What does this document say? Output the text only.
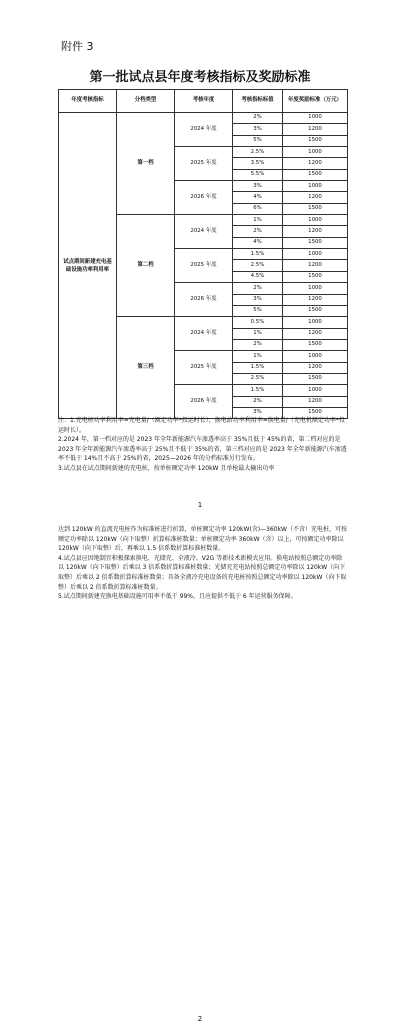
附件 3
第一批试点县年度考核指标及奖励标准
年度考核指标	分档类型	考核年度	考核指标标值	年度奖励标准（万元）
试点期间新建充电基础设施功率利用率	第一档	2024 年度	2%	1000
			3%	1200
			5%	1500
		2025 年度	2.5%	1000
			3.5%	1200
			5.5%	1500
		2026 年度	3%	1000
			4%	1200
			6%	1500
	第二档	2024 年度	1%	1000
			2%	1200
			4%	1500
		2025 年度	1.5%	1000
			2.5%	1200
			4.5%	1500
		2026 年度	2%	1000
			3%	1200
			5%	1500
	第三档	2024 年度	0.5%	1000
			1%	1200
			2%	1500
		2025 年度	1%	1000
			1.5%	1200
			2.5%	1500
		2026 年度	1.5%	1000
			2%	1200
			3%	1500

注：1.充电桩功率利用率=充电量/（额定功率*投运时长），换电站功率利用率=换电量/（充电机额定功率*投运时长）。

2.2024 年，第一档对应的是 2023 年全年新能源汽车渗透率高于 35%且低于 45%的省，第二档对应的是 2023 年全年新能源汽车渗透率高于 25%且不低于 35%的省，第三档对应的是 2023 年全年新能源汽车渗透率不低于 14%且不高于 25%的省，2025—2026 年的分档标准另行发布。

3.试点县在试点期间新建的充电桩，按单桩额定功率 120kW 且单枪最大输出功率

1

达到 120kW 的直流充电桩作为标准桩进行折算，单桩额定功率 120kW(含)—360kW（不含）充电桩，可按额定功率除以 120kW（向下取整）折算标准桩数量；单桩额定功率 360kW（含）以上，可按额定功率除以 120kW（向下取整）后，再乘以 1.5 倍系数折算标准桩数量。

4.试点县应因地制宜积极探索换电、光储充、全液冷、V2G 等新技术新模式应用。换电站按照总额定功率除以 120kW（向下取整）后乘以 3 倍系数折算标准桩数量；光储充充电站按照总额定功率除以 120kW（向下取整）后乘以 2 倍系数折算标准桩数量；具备全液冷充电设备的充电桩按照总额定功率除以 120kW（向下取整）后乘以 2 倍系数折算标准桩数量。

5.试点期间新建充换电基础设施可用率不低于 99%，且应提供不低于 6 年运营服务保障。

2
